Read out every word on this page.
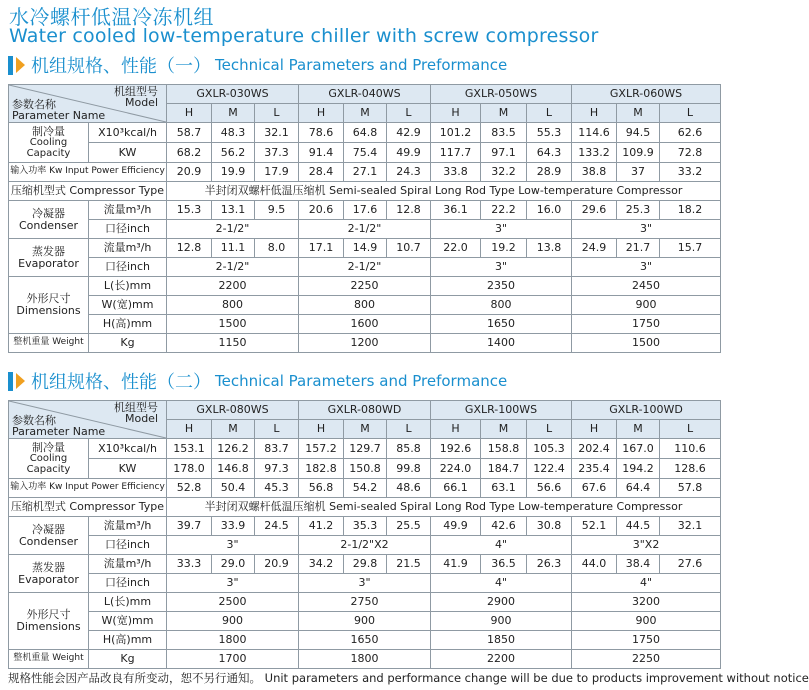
水冷螺杆低温冷冻机组
Water cooled low-temperature chiller with screw compressor
机组规格、性能（一） Technical Parameters and Preformance
机组型号
Model
参数名称
Parameter Name		GXLR-030WS			GXLR-040WS			GXLR-050WS			GXLR-060WS		
		H	M	L	H	M	L	H	M	L	H	M	L
制冷量
Cooling
Capacity	X10³kcal/h	58.7	48.3	32.1	78.6	64.8	42.9	101.2	83.5	55.3	114.6	94.5	62.6
	KW	68.2	56.2	37.3	91.4	75.4	49.9	117.7	97.1	64.3	133.2	109.9	72.8
输入功率 Kw Input Power Efficiency		20.9	19.9	17.9	28.4	27.1	24.3	33.8	32.2	28.9	38.8	37	33.2
压缩机型式 Compressor Type		半封闭双螺杆低温压缩机 Semi-sealed Spiral Long Rod Type Low-temperature Compressor											
冷凝器
Condenser	流量m³/h	15.3	13.1	9.5	20.6	17.6	12.8	36.1	22.2	16.0	29.6	25.3	18.2
	口径inch	2-1/2"			2-1/2"			3"			3"		
蒸发器
Evaporator	流量m³/h	12.8	11.1	8.0	17.1	14.9	10.7	22.0	19.2	13.8	24.9	21.7	15.7
	口径inch	2-1/2"			2-1/2"			3"			3"		
外形尺寸
Dimensions	L(长)mm	2200			2250			2350			2450		
	W(宽)mm	800			800			800			900		
	H(高)mm	1500			1600			1650			1750		
整机重量 Weight	Kg	1150			1200			1400			1500		
机组规格、性能（二） Technical Parameters and Preformance
机组型号
Model
参数名称
Parameter Name		GXLR-080WS			GXLR-080WD			GXLR-100WS			GXLR-100WD		
		H	M	L	H	M	L	H	M	L	H	M	L
制冷量
Cooling
Capacity	X10³kcal/h	153.1	126.2	83.7	157.2	129.7	85.8	192.6	158.8	105.3	202.4	167.0	110.6
	KW	178.0	146.8	97.3	182.8	150.8	99.8	224.0	184.7	122.4	235.4	194.2	128.6
输入功率 Kw Input Power Efficiency		52.8	50.4	45.3	56.8	54.2	48.6	66.1	63.1	56.6	67.6	64.4	57.8
压缩机型式 Compressor Type		半封闭双螺杆低温压缩机 Semi-sealed Spiral Long Rod Type Low-temperature Compressor											
冷凝器
Condenser	流量m³/h	39.7	33.9	24.5	41.2	35.3	25.5	49.9	42.6	30.8	52.1	44.5	32.1
	口径inch	3"			2-1/2"X2			4"			3"X2		
蒸发器
Evaporator	流量m³/h	33.3	29.0	20.9	34.2	29.8	21.5	41.9	36.5	26.3	44.0	38.4	27.6
	口径inch	3"			3"			4"			4"		
外形尺寸
Dimensions	L(长)mm	2500			2750			2900			3200		
	W(宽)mm	900			900			900			900		
	H(高)mm	1800			1650			1850			1750		
整机重量 Weight	Kg	1700			1800			2200			2250		
规格性能会因产品改良有所变动，恕不另行通知。 Unit parameters and performance change will be due to products improvement without notice
